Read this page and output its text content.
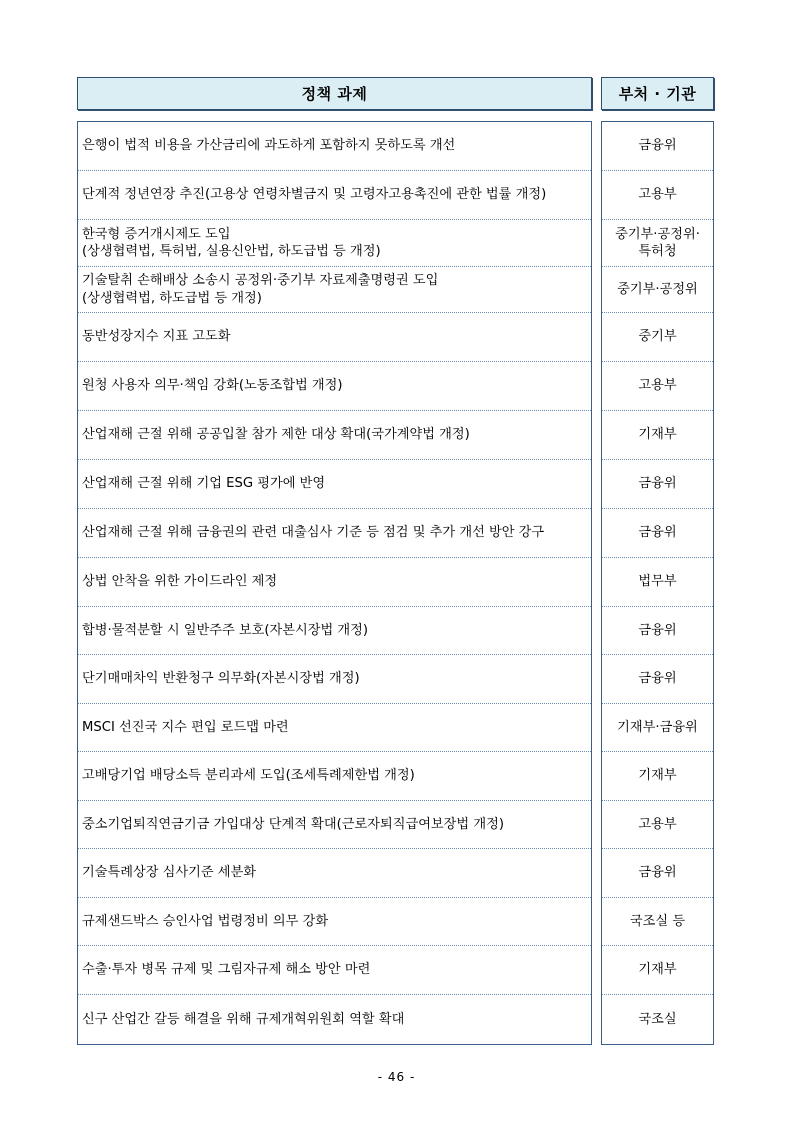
정책 과제	부처 · 기관
은행이 법적 비용을 가산금리에 과도하게 포함하지 못하도록 개선
단계적 정년연장 추진(고용상 연령차별금지 및 고령자고용촉진에 관한 법률 개정)
한국형 증거개시제도 도입
(상생협력법, 특허법, 실용신안법, 하도급법 등 개정)
기술탈취 손해배상 소송시 공정위·중기부 자료제출명령권 도입
(상생협력법, 하도급법 등 개정)
동반성장지수 지표 고도화
원청 사용자 의무·책임 강화(노동조합법 개정)
산업재해 근절 위해 공공입찰 참가 제한 대상 확대(국가계약법 개정)
산업재해 근절 위해 기업 ESG 평가에 반영
산업재해 근절 위해 금융권의 관련 대출심사 기준 등 점검 및 추가 개선 방안 강구
상법 안착을 위한 가이드라인 제정
합병·물적분할 시 일반주주 보호(자본시장법 개정)
단기매매차익 반환청구 의무화(자본시장법 개정)
MSCI 선진국 지수 편입 로드맵 마련
고배당기업 배당소득 분리과세 도입(조세특례제한법 개정)
중소기업퇴직연금기금 가입대상 단계적 확대(근로자퇴직급여보장법 개정)
기술특례상장 심사기준 세분화
규제샌드박스 승인사업 법령정비 의무 강화
수출·투자 병목 규제 및 그림자규제 해소 방안 마련
신구 산업간 갈등 해결을 위해 규제개혁위원회 역할 확대
금융위
고용부
중기부·공정위·
특허청
중기부·공정위
중기부
고용부
기재부
금융위
금융위
법무부
금융위
금융위
기재부·금융위
기재부
고용부
금융위
국조실 등
기재부
국조실
- 46 -
